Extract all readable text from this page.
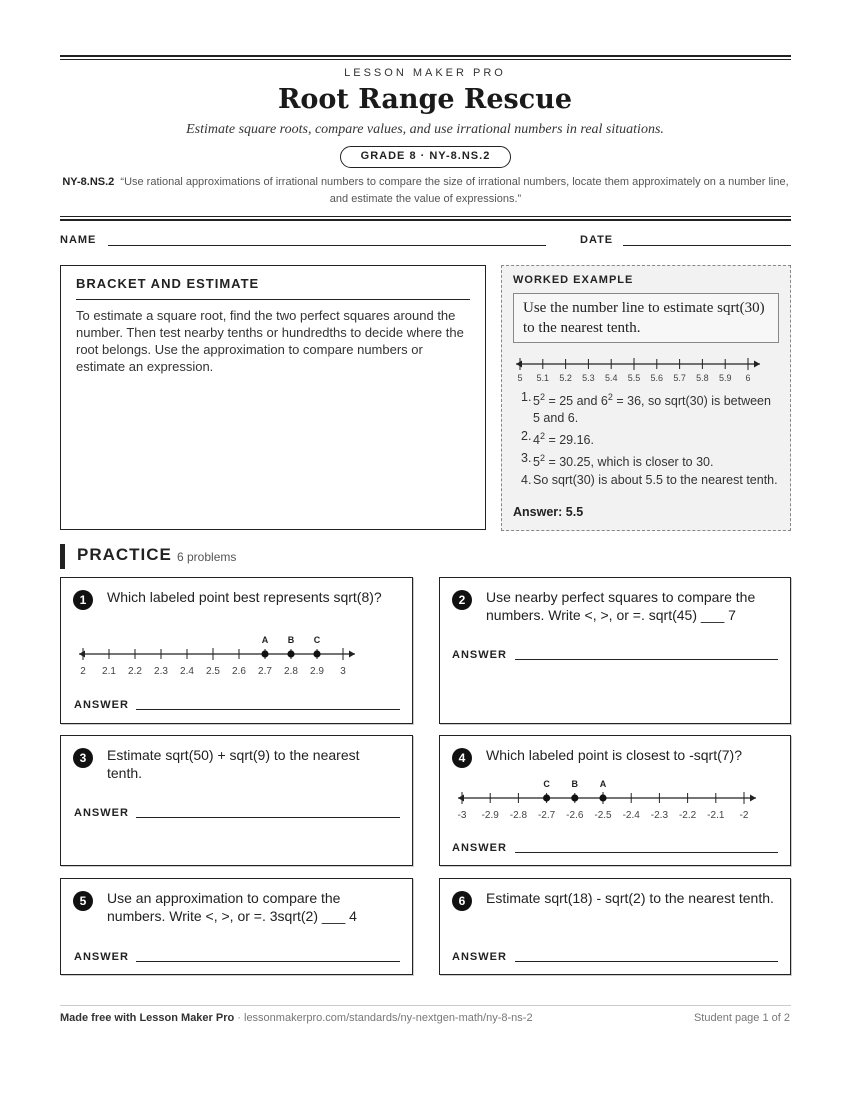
LESSON MAKER PRO
Root Range Rescue
Estimate square roots, compare values, and use irrational numbers in real situations.
GRADE 8 · NY-8.NS.2
NY-8.NS.2 “Use rational approximations of irrational numbers to compare the size of irrational numbers, locate them approximately on a number line, and estimate the value of expressions.”
NAME	DATE
BRACKET AND ESTIMATE
To estimate a square root, find the two perfect squares around the number. Then test nearby tenths or hundredths to decide where the root belongs. Use the approximation to compare numbers or estimate an expression.
WORKED EXAMPLE
Use the number line to estimate sqrt(30) to the nearest tenth.
5 5.1 5.2 5.3 5.4 5.5 5.6 5.7 5.8 5.9 6
1. $5^2 = 25$ and $6^2 = 36$, so sqrt(30) is between 5 and 6.
2. $4^2 = 29.16$.
3. $5^2 = 30.25$, which is closer to 30.
4. So sqrt(30) is about 5.5 to the nearest tenth.
Answer: 5.5
PRACTICE 6 problems
1	Which labeled point best represents sqrt(8)?
2 2.1 2.2 2.3 2.4 2.5 2.6 2.7 2.8 2.9 3
A B C
ANSWER
2	Use nearby perfect squares to compare the numbers. Write <, >, or =. sqrt(45) ___ 7
ANSWER
3	Estimate sqrt(50) + sqrt(9) to the nearest tenth.
ANSWER
4	Which labeled point is closest to -sqrt(7)?
-3 -2.9 -2.8 -2.7 -2.6 -2.5 -2.4 -2.3 -2.2 -2.1 -2
C B A
ANSWER
5	Use an approximation to compare the numbers. Write <, >, or =. 3sqrt(2) ___ 4
ANSWER
6	Estimate sqrt(18) - sqrt(2) to the nearest tenth.
ANSWER
Made free with Lesson Maker Pro · lessonmakerpro.com/standards/ny-nextgen-math/ny-8-ns-2	Student page 1 of 2
